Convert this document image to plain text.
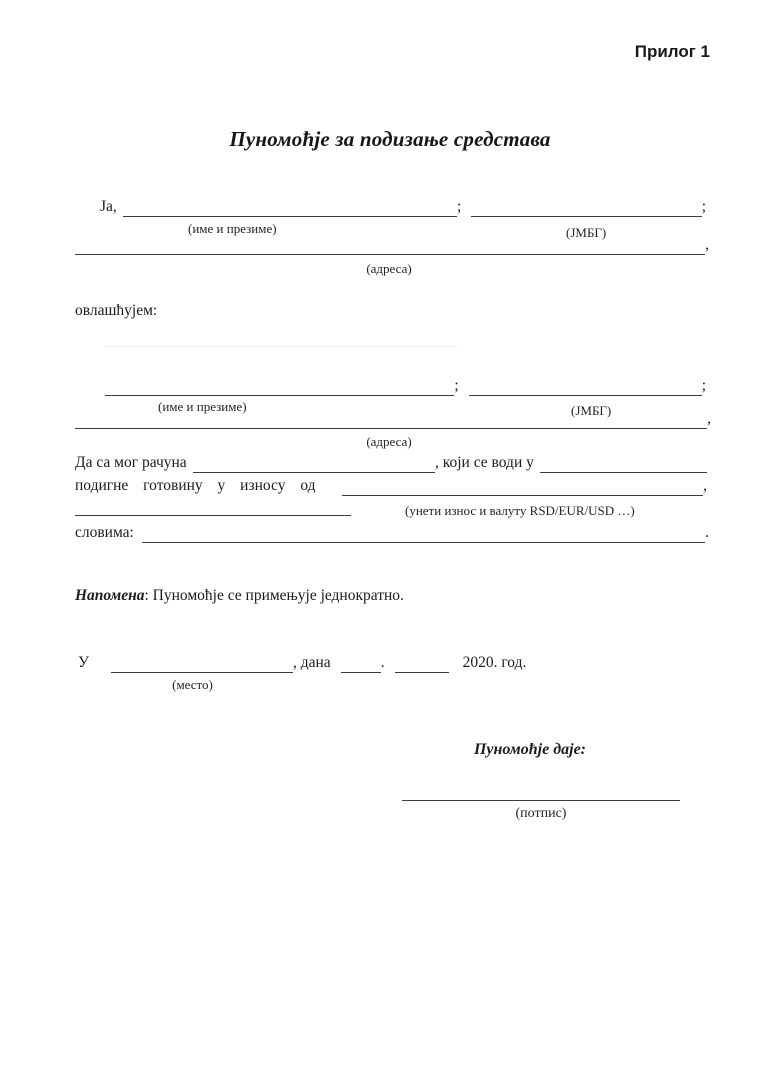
Прилог 1
Пуномоћје за подизање средстава
Ја,	;	;
(име и презиме)	(ЈМБГ)
,
(адреса)
овлашћујем:
;	;
(име и презиме)	(ЈМБГ)	,
(адреса)
Да са мог рачуна	, који се води у
подигне готовину у износу од	,
(унети износ и валуту RSD/EUR/USD …)
словима:	.
Напомена: Пуномоћје се примењује једнократно.
У	, дана	.	2020. год.
(место)
Пуномоћје даје:
(потпис)
